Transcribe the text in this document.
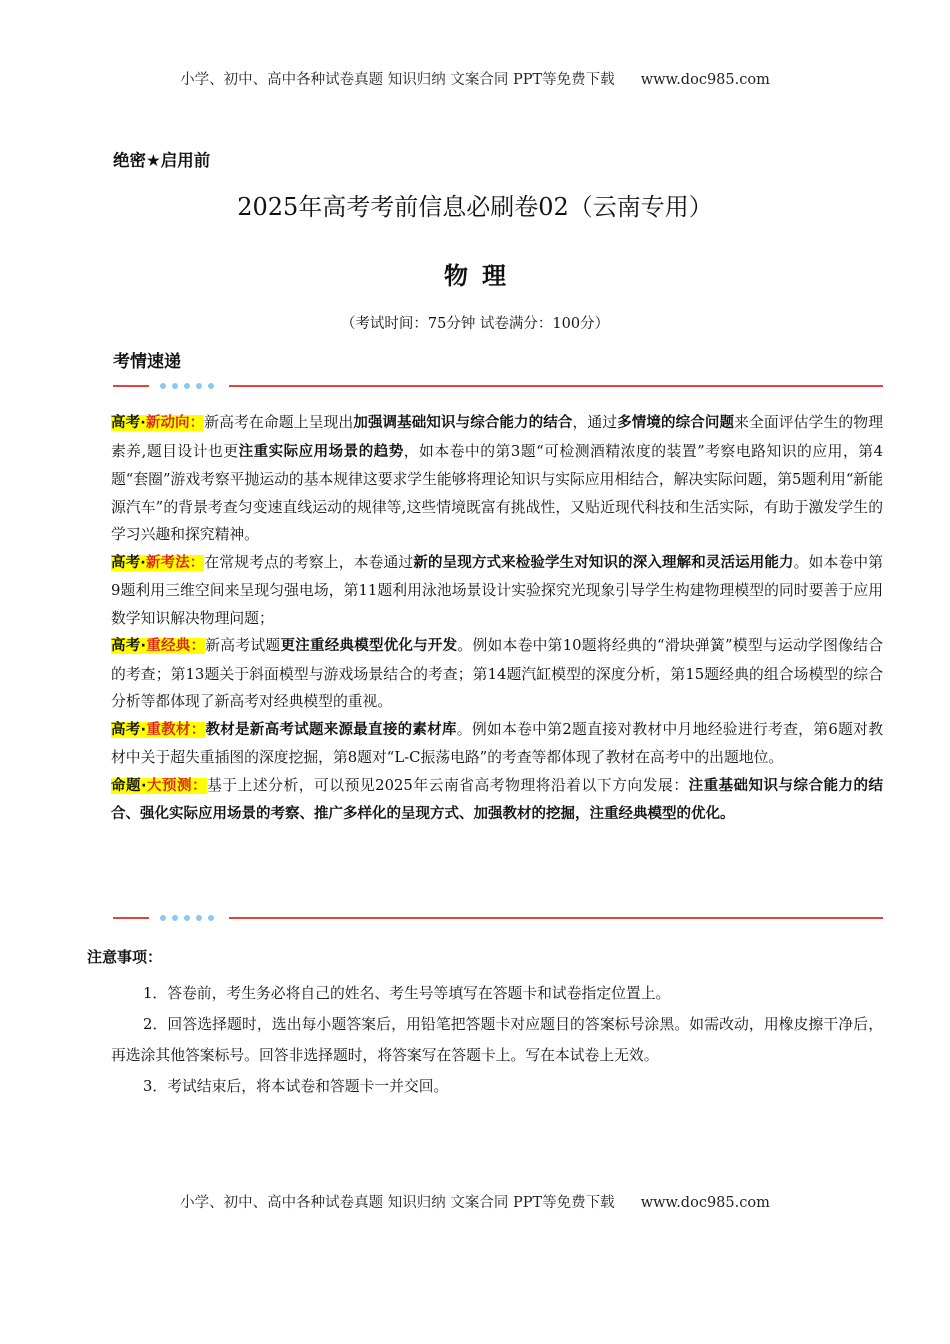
小学、初中、高中各种试卷真题 知识归纳 文案合同 PPT等免费下载 www.doc985.com
绝密★启用前
2025年高考考前信息必刷卷02（云南专用）
物理
（考试时间：75分钟 试卷满分：100分）
考情速递

高考·新动向：新高考在命题上呈现出加强调基础知识与综合能力的结合，通过多情境的综合问题来全面评估学生的物理素养,题目设计也更注重实际应用场景的趋势，如本卷中的第3题“可检测酒精浓度的装置”考察电路知识的应用，第4题“套圈”游戏考察平抛运动的基本规律这要求学生能够将理论知识与实际应用相结合，解决实际问题，第5题利用“新能源汽车”的背景考查匀变速直线运动的规律等,这些情境既富有挑战性，又贴近现代科技和生活实际，有助于激发学生的学习兴趣和探究精神。

高考·新考法：在常规考点的考察上，本卷通过新的呈现方式来检验学生对知识的深入理解和灵活运用能力。如本卷中第9题利用三维空间来呈现匀强电场，第11题利用泳池场景设计实验探究光现象引导学生构建物理模型的同时要善于应用数学知识解决物理问题；

高考·重经典：新高考试题更注重经典模型优化与开发。例如本卷中第10题将经典的“滑块弹簧”模型与运动学图像结合的考查；第13题关于斜面模型与游戏场景结合的考查；第14题汽缸模型的深度分析，第15题经典的组合场模型的综合分析等都体现了新高考对经典模型的重视。

高考·重教材：教材是新高考试题来源最直接的素材库。例如本卷中第2题直接对教材中月地经验进行考查，第6题对教材中关于超失重插图的深度挖掘，第8题对“L-C振荡电路”的考查等都体现了教材在高考中的出题地位。

命题·大预测：基于上述分析，可以预见2025年云南省高考物理将沿着以下方向发展：注重基础知识与综合能力的结合、强化实际应用场景的考察、推广多样化的呈现方式、加强教材的挖掘，注重经典模型的优化。

注意事项：

1．答卷前，考生务必将自己的姓名、考生号等填写在答题卡和试卷指定位置上。

2．回答选择题时，选出每小题答案后，用铅笔把答题卡对应题目的答案标号涂黑。如需改动，用橡皮擦干净后，再选涂其他答案标号。回答非选择题时，将答案写在答题卡上。写在本试卷上无效。

3．考试结束后，将本试卷和答题卡一并交回。

小学、初中、高中各种试卷真题 知识归纳 文案合同 PPT等免费下载 www.doc985.com
